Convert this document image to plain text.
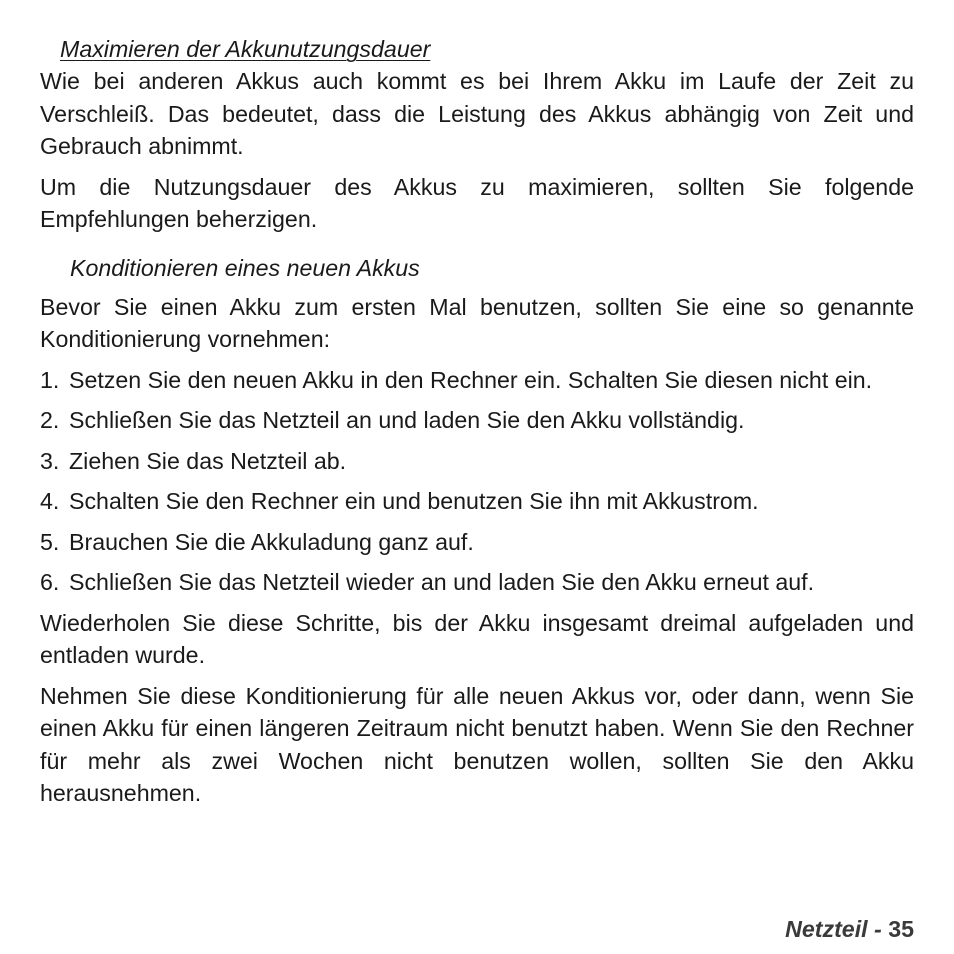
Maximieren der Akkunutzungsdauer

Wie bei anderen Akkus auch kommt es bei Ihrem Akku im Laufe der Zeit zu Verschleiß. Das bedeutet, dass die Leistung des Akkus abhängig von Zeit und Gebrauch abnimmt.

Um die Nutzungsdauer des Akkus zu maximieren, sollten Sie folgende Empfehlungen beherzigen.

Konditionieren eines neuen Akkus

Bevor Sie einen Akku zum ersten Mal benutzen, sollten Sie eine so genannte Konditionierung vornehmen:

1. Setzen Sie den neuen Akku in den Rechner ein. Schalten Sie diesen nicht ein.
2. Schließen Sie das Netzteil an und laden Sie den Akku vollständig.
3. Ziehen Sie das Netzteil ab.
4. Schalten Sie den Rechner ein und benutzen Sie ihn mit Akkustrom.
5. Brauchen Sie die Akkuladung ganz auf.
6. Schließen Sie das Netzteil wieder an und laden Sie den Akku erneut auf.

Wiederholen Sie diese Schritte, bis der Akku insgesamt dreimal aufgeladen und entladen wurde.

Nehmen Sie diese Konditionierung für alle neuen Akkus vor, oder dann, wenn Sie einen Akku für einen längeren Zeitraum nicht benutzt haben. Wenn Sie den Rechner für mehr als zwei Wochen nicht benutzen wollen, sollten Sie den Akku herausnehmen.

Netzteil - 35
